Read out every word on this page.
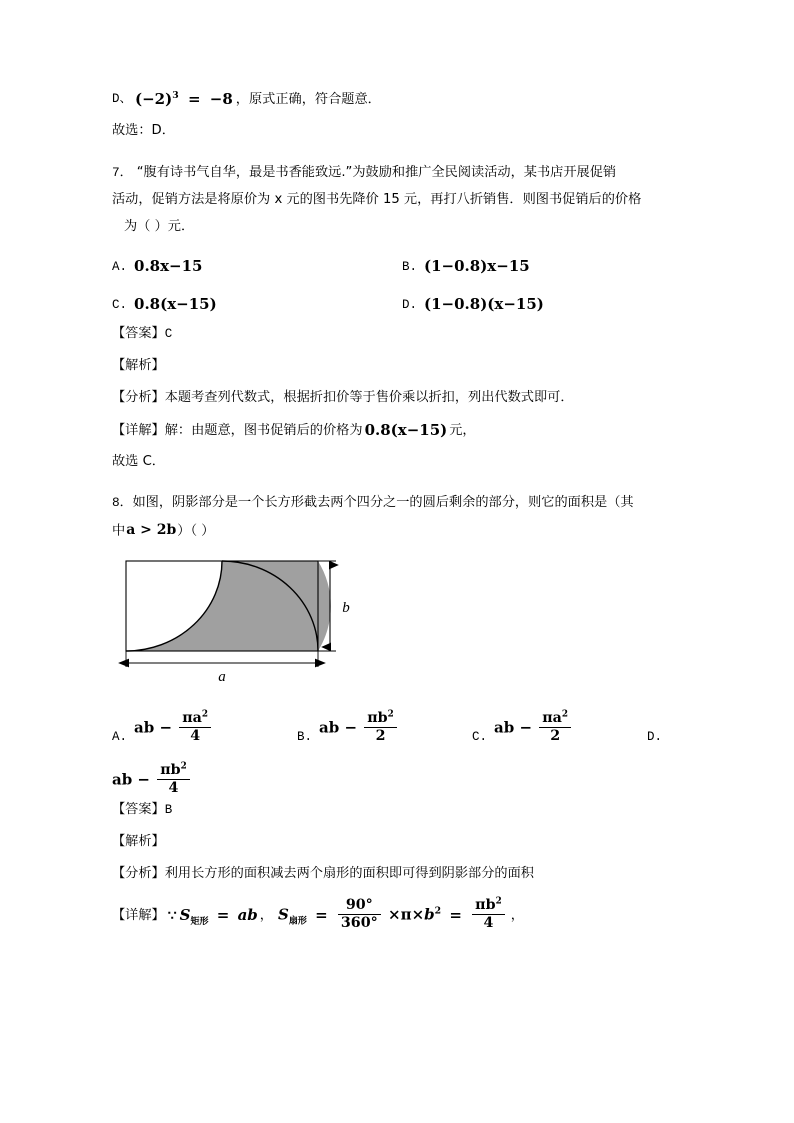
D、 $(-2)^3 = -8$ ，原式正确，符合题意．
故选：D．
7． “腹有诗书气自华，最是书香能致远.”为鼓励和推广全民阅读活动，某书店开展促销
活动，促销方法是将原价为 x 元的图书先降价 15 元，再打八折销售．则图书促销后的价格
为（ ）元．
A. 0.8x−15	B. (1−0.8)x−15
C. 0.8(x−15)	D. (1−0.8)(x−15)
【答案】C
【解析】
【分析】本题考查列代数式，根据折扣价等于售价乘以折扣，列出代数式即可．
【详解】 解：由题意，图书促销后的价格为 0.8(x−15) 元，
故选 C．
8．如图，阴影部分是一个长方形截去两个四分之一的圆后剩余的部分，则它的面积是（其
中a > 2b）（ ）
a
b
A.
ab − $\frac{\pi a^2}{4}$	B.
ab − $\frac{\pi b^2}{2}$	C.
ab − $\frac{\pi a^2}{2}$	D.
ab − $\frac{\pi b^2}{4}$
【答案】B
【解析】
【分析】利用长方形的面积减去两个扇形的面积即可得到阴影部分的面积
【详解】 ∵ $S_{矩形}$ = ab ， $S_{扇形} = \frac{90^\circ}{360^\circ} \times\pi\times b^2 = \frac{\pi b^2}{4}$ ，
